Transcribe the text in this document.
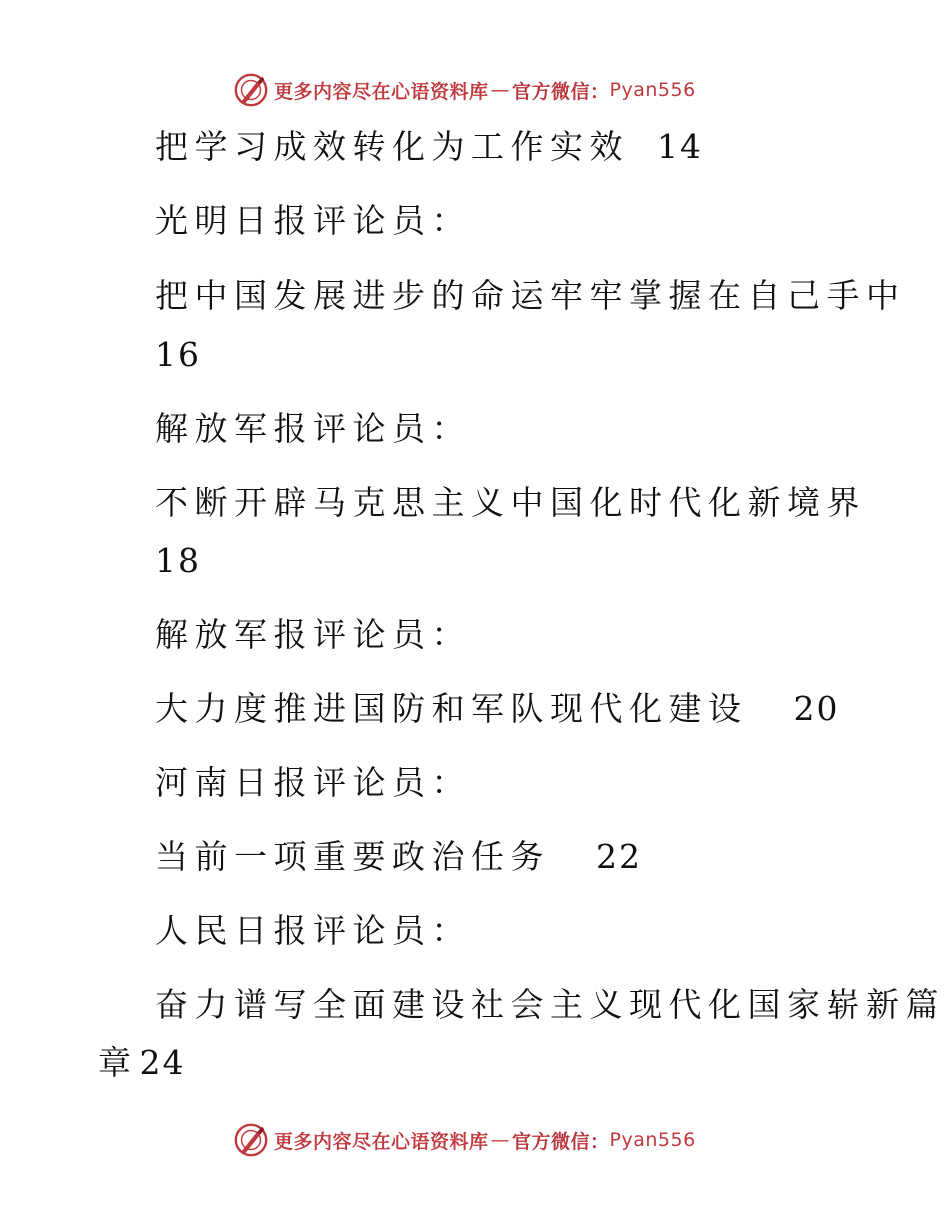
更多内容尽在心语资料库 — 官方微信： Pyan556
把学习成效转化为工作实效 14
光明日报评论员：
把中国发展进步的命运牢牢掌握在自己手中
16
解放军报评论员：
不断开辟马克思主义中国化时代化新境界
18
解放军报评论员：
大力度推进国防和军队现代化建设 20
河南日报评论员：
当前一项重要政治任务 22
人民日报评论员：
奋力谱写全面建设社会主义现代化国家崭新篇
章24
更多内容尽在心语资料库 — 官方微信： Pyan556
